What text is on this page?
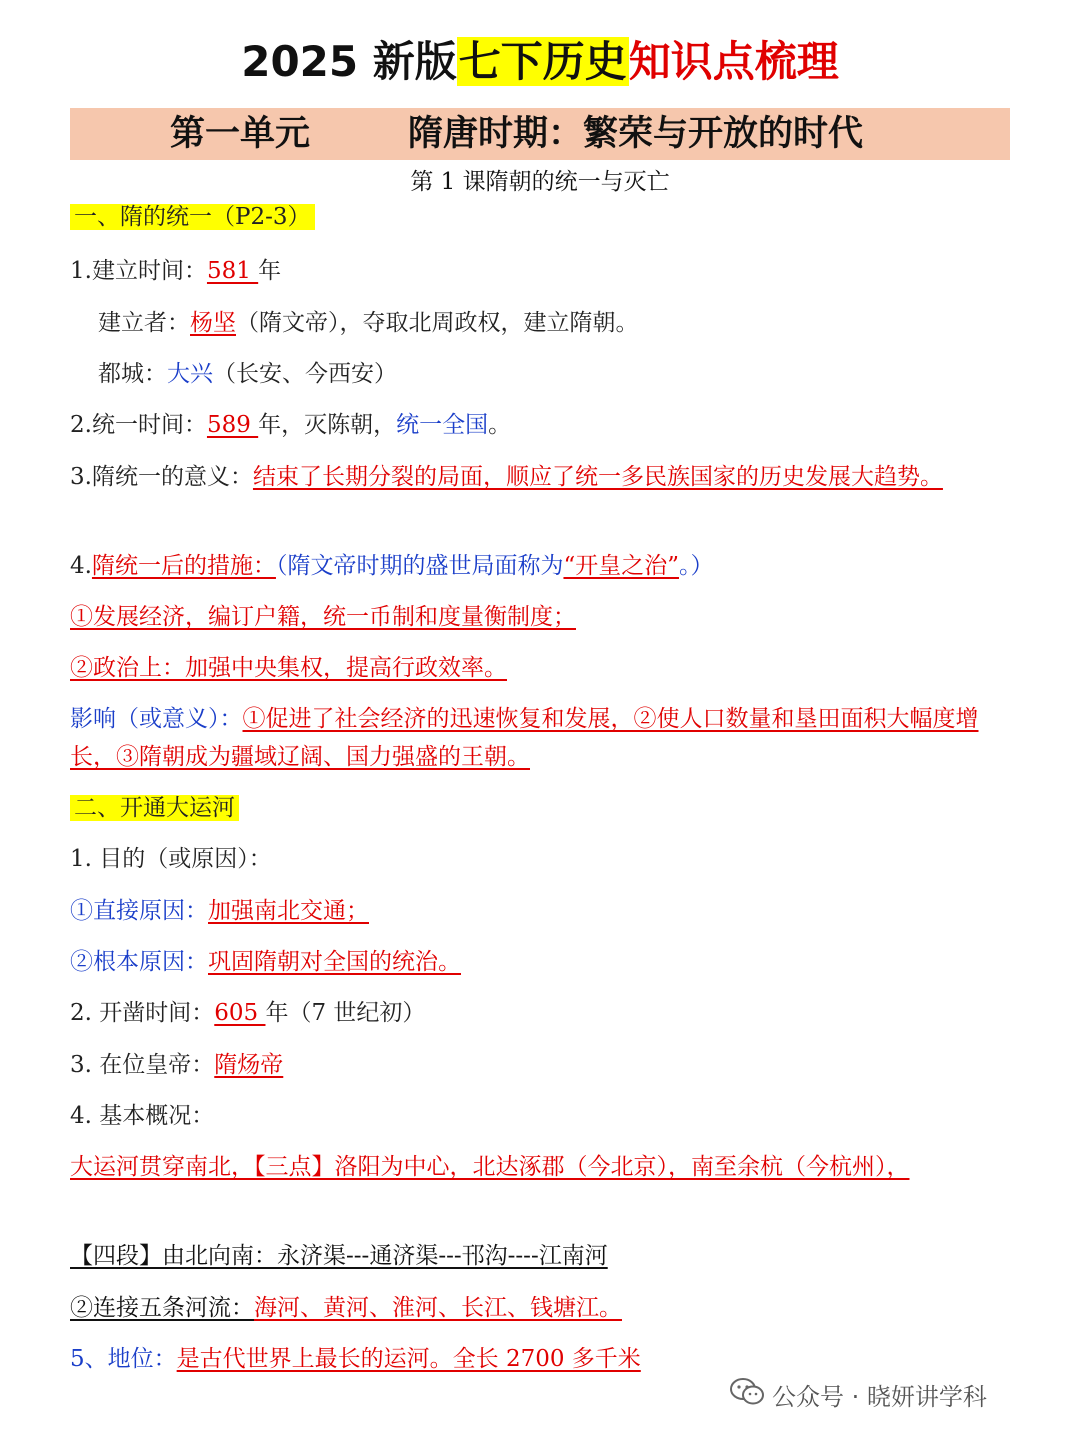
2025 新版七下历史知识点梳理
第一单元	隋唐时期：繁荣与开放的时代
第 1 课隋朝的统一与灭亡
一、隋的统一（P2-3）
1.建立时间：581 年
建立者：杨坚（隋文帝），夺取北周政权，建立隋朝。
都城：大兴（长安、今西安）
2.统一时间：589 年，灭陈朝，统一全国。
3.隋统一的意义：结束了长期分裂的局面，顺应了统一多民族国家的历史发展大趋势。
4.隋统一后的措施：（隋文帝时期的盛世局面称为“开皇之治”。）
①发展经济，编订户籍，统一币制和度量衡制度；
②政治上：加强中央集权，提高行政效率。
影响（或意义）：①促进了社会经济的迅速恢复和发展，②使人口数量和垦田面积大幅度增长，③隋朝成为疆域辽阔、国力强盛的王朝。
二、开通大运河
1. 目的（或原因）：
①直接原因：加强南北交通；
②根本原因：巩固隋朝对全国的统治。
2. 开凿时间：605 年（7 世纪初）
3. 在位皇帝：隋炀帝
4. 基本概况：
大运河贯穿南北，【三点】洛阳为中心，北达涿郡（今北京），南至余杭（今杭州），
【四段】由北向南：永济渠---通济渠---邗沟----江南河
②连接五条河流：海河、黄河、淮河、长江、钱塘江。
5、地位：是古代世界上最长的运河。全长 2700 多千米
公众号 · 晓妍讲学科
